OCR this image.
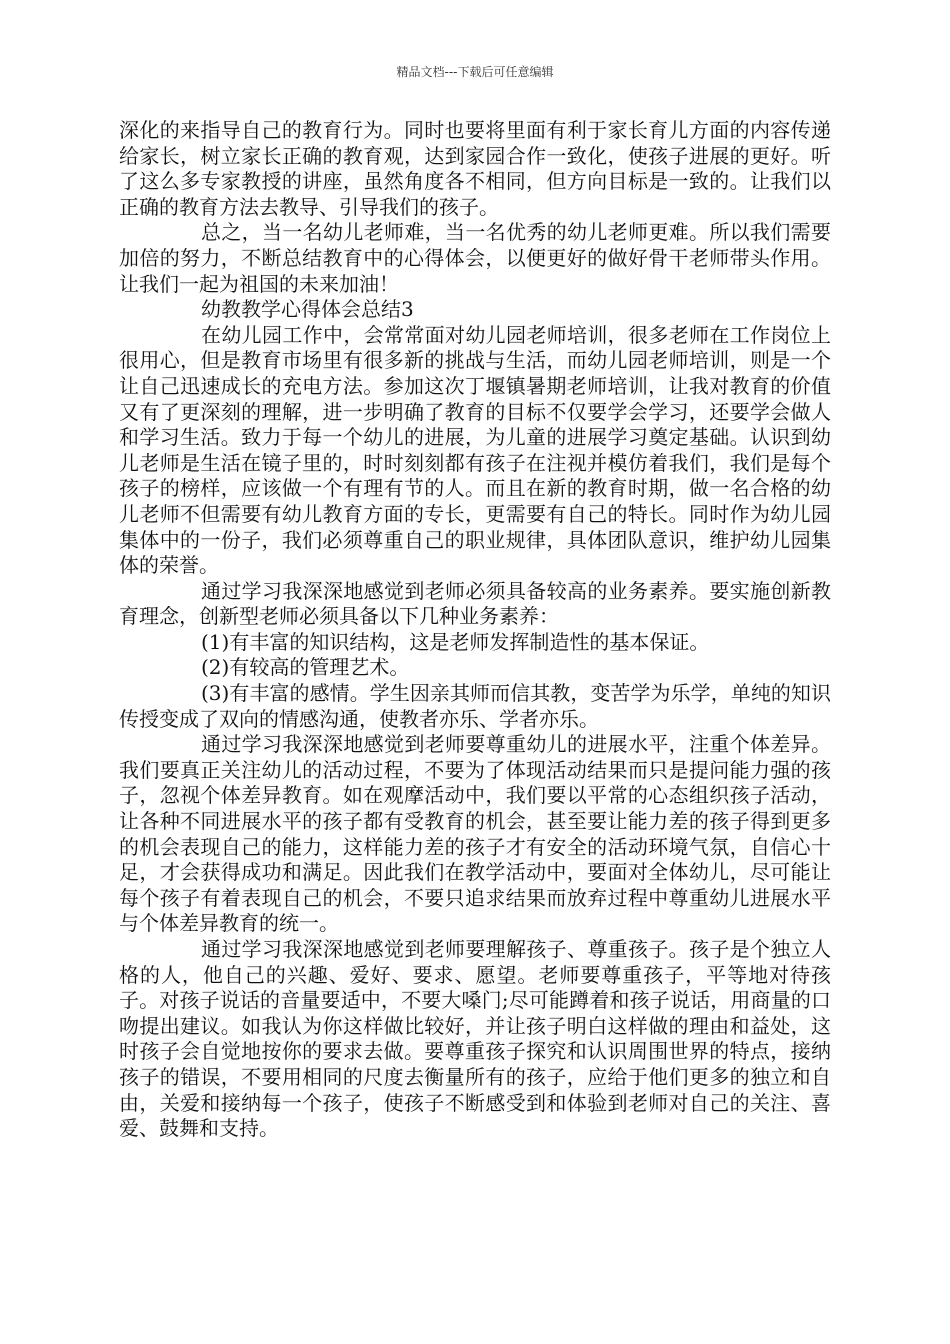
精品文档---下载后可任意编辑

深化的来指导自己的教育行为。同时也要将里面有利于家长育儿方面的内容传递给家长，树立家长正确的教育观，达到家园合作一致化，使孩子进展的更好。听了这么多专家教授的讲座，虽然角度各不相同，但方向目标是一致的。让我们以正确的教育方法去教导、引导我们的孩子。

总之，当一名幼儿老师难，当一名优秀的幼儿老师更难。所以我们需要加倍的努力，不断总结教育中的心得体会，以便更好的做好骨干老师带头作用。让我们一起为祖国的未来加油！

幼教教学心得体会总结3

在幼儿园工作中，会常常面对幼儿园老师培训，很多老师在工作岗位上很用心，但是教育市场里有很多新的挑战与生活，而幼儿园老师培训，则是一个让自己迅速成长的充电方法。参加这次丁堰镇暑期老师培训，让我对教育的价值又有了更深刻的理解，进一步明确了教育的目标不仅要学会学习，还要学会做人和学习生活。致力于每一个幼儿的进展，为儿童的进展学习奠定基础。认识到幼儿老师是生活在镜子里的，时时刻刻都有孩子在注视并模仿着我们，我们是每个孩子的榜样，应该做一个有理有节的人。而且在新的教育时期，做一名合格的幼儿老师不但需要有幼儿教育方面的专长，更需要有自己的特长。同时作为幼儿园集体中的一份子，我们必须尊重自己的职业规律，具体团队意识，维护幼儿园集体的荣誉。

通过学习我深深地感觉到老师必须具备较高的业务素养。要实施创新教育理念，创新型老师必须具备以下几种业务素养：

(1)有丰富的知识结构，这是老师发挥制造性的基本保证。

(2)有较高的管理艺术。

(3)有丰富的感情。学生因亲其师而信其教，变苦学为乐学，单纯的知识传授变成了双向的情感沟通，使教者亦乐、学者亦乐。

通过学习我深深地感觉到老师要尊重幼儿的进展水平，注重个体差异。我们要真正关注幼儿的活动过程，不要为了体现活动结果而只是提问能力强的孩子，忽视个体差异教育。如在观摩活动中，我们要以平常的心态组织孩子活动，让各种不同进展水平的孩子都有受教育的机会，甚至要让能力差的孩子得到更多的机会表现自己的能力，这样能力差的孩子才有安全的活动环境气氛，自信心十足，才会获得成功和满足。因此我们在教学活动中，要面对全体幼儿，尽可能让每个孩子有着表现自己的机会，不要只追求结果而放弃过程中尊重幼儿进展水平与个体差异教育的统一。

通过学习我深深地感觉到老师要理解孩子、尊重孩子。孩子是个独立人格的人，他自己的兴趣、爱好、要求、愿望。老师要尊重孩子，平等地对待孩子。对孩子说话的音量要适中，不要大嗓门;尽可能蹲着和孩子说话，用商量的口吻提出建议。如我认为你这样做比较好，并让孩子明白这样做的理由和益处，这时孩子会自觉地按你的要求去做。要尊重孩子探究和认识周围世界的特点，接纳孩子的错误，不要用相同的尺度去衡量所有的孩子，应给于他们更多的独立和自由，关爱和接纳每一个孩子，使孩子不断感受到和体验到老师对自己的关注、喜爱、鼓舞和支持。
